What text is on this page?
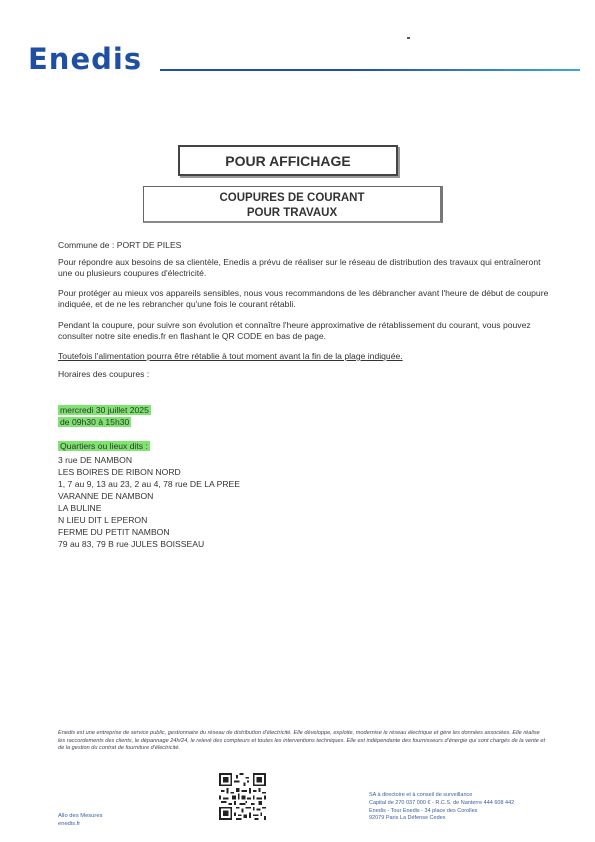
Enedis
POUR AFFICHAGE
COUPURES DE COURANT
POUR TRAVAUX
Commune de : PORT DE PILES
Pour répondre aux besoins de sa clientèle, Enedis a prévu de réaliser sur le réseau de distribution des travaux qui entraîneront une ou plusieurs coupures d'électricité.
Pour protéger au mieux vos appareils sensibles, nous vous recommandons de les débrancher avant l'heure de début de coupure indiquée, et de ne les rebrancher qu'une fois le courant rétabli.
Pendant la coupure, pour suivre son évolution et connaître l'heure approximative de rétablissement du courant, vous pouvez consulter notre site enedis.fr en flashant le QR CODE en bas de page.
Toutefois l'alimentation pourra être rétablie à tout moment avant la fin de la plage indiquée.
Horaires des coupures :
mercredi 30 juillet 2025
de 09h30 à 15h30
Quartiers ou lieux dits :
3 rue DE NAMBON
LES BOIRES DE RIBON NORD
1, 7 au 9, 13 au 23, 2 au 4, 78 rue DE LA PREE
VARANNE DE NAMBON
LA BULINE
N LIEU DIT L EPERON
FERME DU PETIT NAMBON
79 au 83, 79 B rue JULES BOISSEAU
Enedis est une entreprise de service public, gestionnaire du réseau de distribution d'électricité. Elle développe, exploite, modernise le réseau électrique et gère les données associées. Elle réalise les raccordements des clients, le dépannage 24h/24, le relevé des compteurs et toutes les interventions techniques. Elle est indépendante des fournisseurs d'énergie qui sont chargés de la vente et de la gestion du contrat de fourniture d'électricité.
Allo des Mesures
enedis.fr
SA à directoire et à conseil de surveillance
Capital de 270 037 000 € - R.C.S. de Nanterre 444 608 442
Enedis - Tour Enedis - 34 place des Corolles
92079 Paris La Défense Cedex
